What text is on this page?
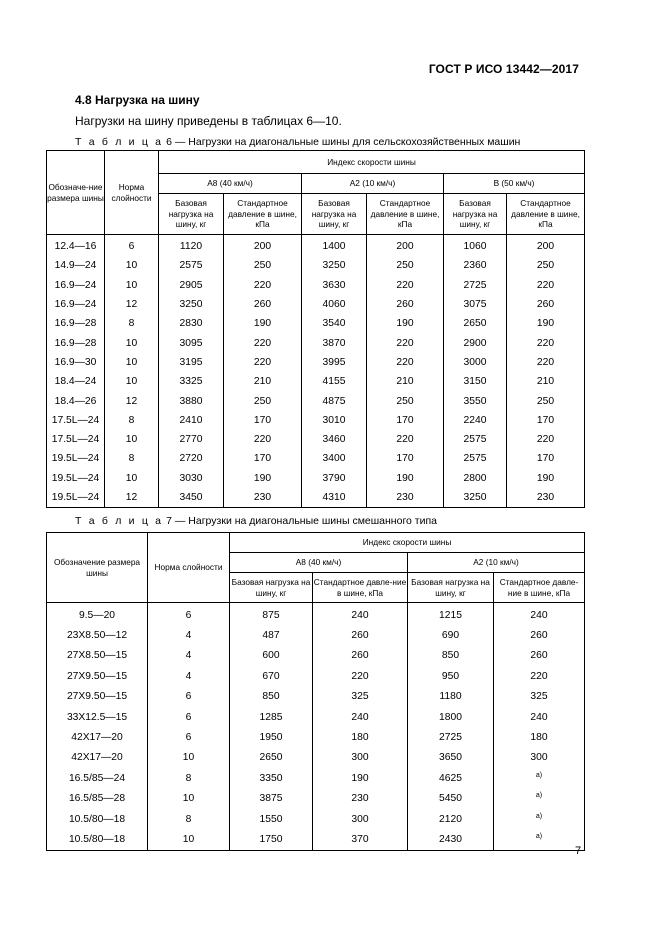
ГОСТ Р ИСО 13442—2017
4.8 Нагрузка на шину
Нагрузки на шину приведены в таблицах 6—10.
Т а б л и ц а 6 — Нагрузки на диагональные шины для сельскохозяйственных машин
Обозначе-ние размера шины	Норма слойности	Индекс скорости шины					
		А8 (40 км/ч)		А2 (10 км/ч)		В (50 км/ч)	
		Базовая нагрузка на шину, кг	Стандартное давление в шине, кПа	Базовая нагрузка на шину, кг	Стандартное давление в шине, кПа	Базовая нагрузка на шину, кг	Стандартное давление в шине, кПа
12.4—16	6	1120	200	1400	200	1060	200
14.9—24	10	2575	250	3250	250	2360	250
16.9—24	10	2905	220	3630	220	2725	220
16.9—24	12	3250	260	4060	260	3075	260
16.9—28	8	2830	190	3540	190	2650	190
16.9—28	10	3095	220	3870	220	2900	220
16.9—30	10	3195	220	3995	220	3000	220
18.4—24	10	3325	210	4155	210	3150	210
18.4—26	12	3880	250	4875	250	3550	250
17.5L—24	8	2410	170	3010	170	2240	170
17.5L—24	10	2770	220	3460	220	2575	220
19.5L—24	8	2720	170	3400	170	2575	170
19.5L—24	10	3030	190	3790	190	2800	190
19.5L—24	12	3450	230	4310	230	3250	230
Т а б л и ц а 7 — Нагрузки на диагональные шины смешанного типа
Обозначение размера шины	Норма слойности	Индекс скорости шины			
		А8 (40 км/ч)		А2 (10 км/ч)	
		Базовая нагрузка на шину, кг	Стандартное давле-ние в шине, кПа	Базовая нагрузка на шину, кг	Стандартное давле-ние в шине, кПа
9.5—20	6	875	240	1215	240
23X8.50—12	4	487	260	690	260
27X8.50—15	4	600	260	850	260
27X9.50—15	4	670	220	950	220
27X9.50—15	6	850	325	1180	325
33X12.5—15	6	1285	240	1800	240
42X17—20	6	1950	180	2725	180
42X17—20	10	2650	300	3650	300
16.5/85—24	8	3350	190	4625	$^{а)}$
16.5/85—28	10	3875	230	5450	$^{а)}$
10.5/80—18	8	1550	300	2120	$^{а)}$
10.5/80—18	10	1750	370	2430	$^{а)}$
7
